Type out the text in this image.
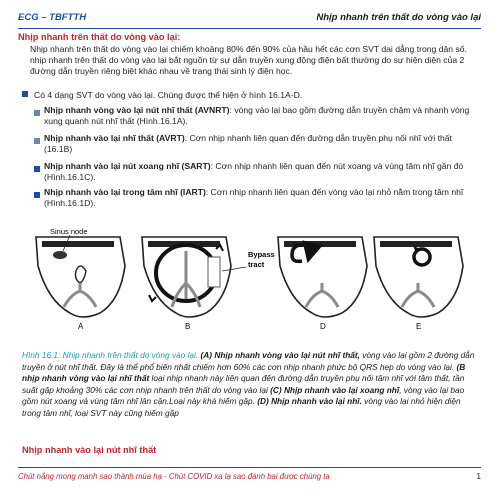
ECG – TBFTTH	Nhịp nhanh trên thất do vòng vào lại
Nhịp nhanh trên thất do vòng vào lại:

Nhịp nhanh trên thất do vòng vào lại chiếm khoảng 80% đến 90% của hầu hết các cơn SVT dai dẳng trong dân số. nhịp nhanh trên thất do vòng vào lại bắt nguồn từ sự dẫn truyền xung động điện bất thường do sự hiện diện của 2 đường dẫn truyền riêng biệt khác nhau về trạng thái sinh lý điện học.

Có 4 dạng SVT do vòng vào lại. Chúng được thể hiện ở hình 16.1A-D.
Nhịp nhanh vòng vào lại nút nhĩ thất (AVNRT): vòng vào lại bao gồm đường dẫn truyền chậm và nhanh vòng xung quanh nút nhĩ thất (Hình.16.1A).
Nhịp nhanh vào lại nhĩ thất (AVRT): Cơn nhịp nhanh liên quan đến đường dẫn truyền phụ nối nhĩ với thất (16.1B)
Nhịp nhanh vào lại nút xoang nhĩ (SART): Cơn nhịp nhanh liên quan đến nút xoang và vùng tâm nhĩ gần đó (Hình.16.1C).
Nhịp nhanh vào lại trong tâm nhĩ (IART): Cơn nhịp nhanh liên quan đến vòng vào lại nhỏ nằm trong tâm nhĩ (Hình.16.1D).
Sinus node
Bypass tract
A	B	D	E

Hình 16.1: Nhịp nhanh trên thất do vòng vào lại. (A) Nhịp nhanh vòng vào lại nút nhĩ thất, vòng vào lại gồm 2 đường dẫn truyền ở nút nhĩ thất. Đây là thể phổ biến nhất chiếm hơn 60% các cơn nhịp nhanh phức bộ QRS hẹp do vòng vào lại. (B nhịp nhanh vòng vào lại nhĩ thất loại nhịp nhanh này liên quan đến đường dẫn truyền phụ nối tâm nhĩ với tâm thất, tần suất gặp khoảng 30% các cơn nhịp nhanh trên thất do vòng vào lại (C) Nhịp nhanh vào lại xoang nhĩ, vòng vào lại bao gồm nút xoang và vùng tâm nhĩ lân cận.Loại này khá hiếm gặp. (D) Nhịp nhanh vào lại nhĩ. vòng vào lại nhỏ hiện diện trong tâm nhĩ, loại SVT này cũng hiếm gặp

Nhịp nhanh vào lại nút nhĩ thất
Chút nắng mong manh sao thành mùa hạ - Chút COVID xa lạ sao đánh bại được chúng ta	1
